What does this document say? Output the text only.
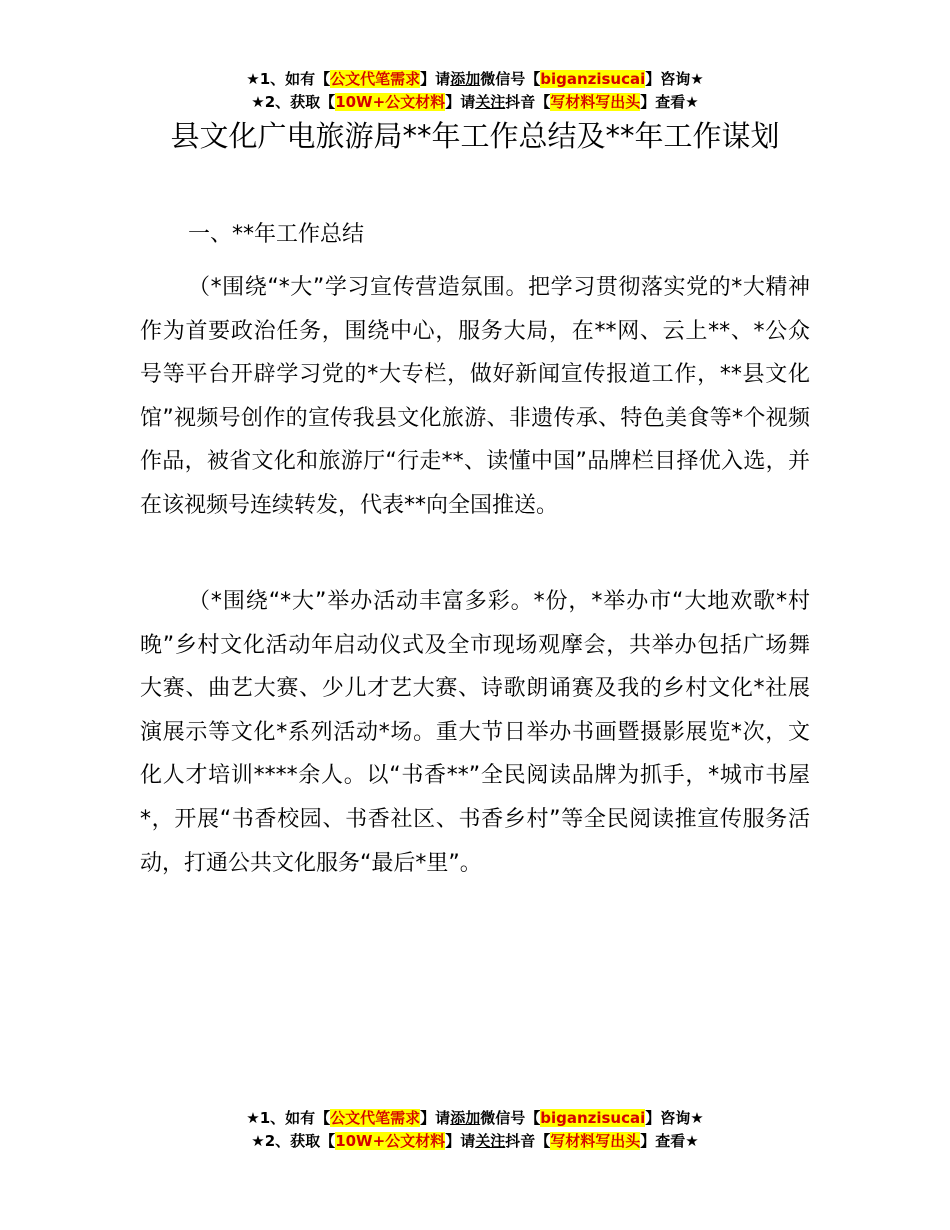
★1、如有【公文代笔需求】请添加微信号【biganzisucai】咨询★
★2、获取【10W+公文材料】请关注抖音【写材料写出头】查看★
县文化广电旅游局**年工作总结及**年工作谋划
一、**年工作总结

（*围绕“*大”学习宣传营造氛围。把学习贯彻落实党的*大精神作为首要政治任务，围绕中心，服务大局，在**网、云上**、*公众号等平台开辟学习党的*大专栏，做好新闻宣传报道工作，**县文化馆”视频号创作的宣传我县文化旅游、非遗传承、特色美食等*个视频作品，被省文化和旅游厅“行走**、读懂中国”品牌栏目择优入选，并在该视频号连续转发，代表**向全国推送。

（*围绕“*大”举办活动丰富多彩。*份，*举办市“大地欢歌*村晚”乡村文化活动年启动仪式及全市现场观摩会，共举办包括广场舞大赛、曲艺大赛、少儿才艺大赛、诗歌朗诵赛及我的乡村文化*社展演展示等文化*系列活动*场。重大节日举办书画暨摄影展览*次，文化人才培训****余人。以“书香**”全民阅读品牌为抓手，*城市书屋*，开展“书香校园、书香社区、书香乡村”等全民阅读推宣传服务活动，打通公共文化服务“最后*里”。

★1、如有【公文代笔需求】请添加微信号【biganzisucai】咨询★
★2、获取【10W+公文材料】请关注抖音【写材料写出头】查看★
